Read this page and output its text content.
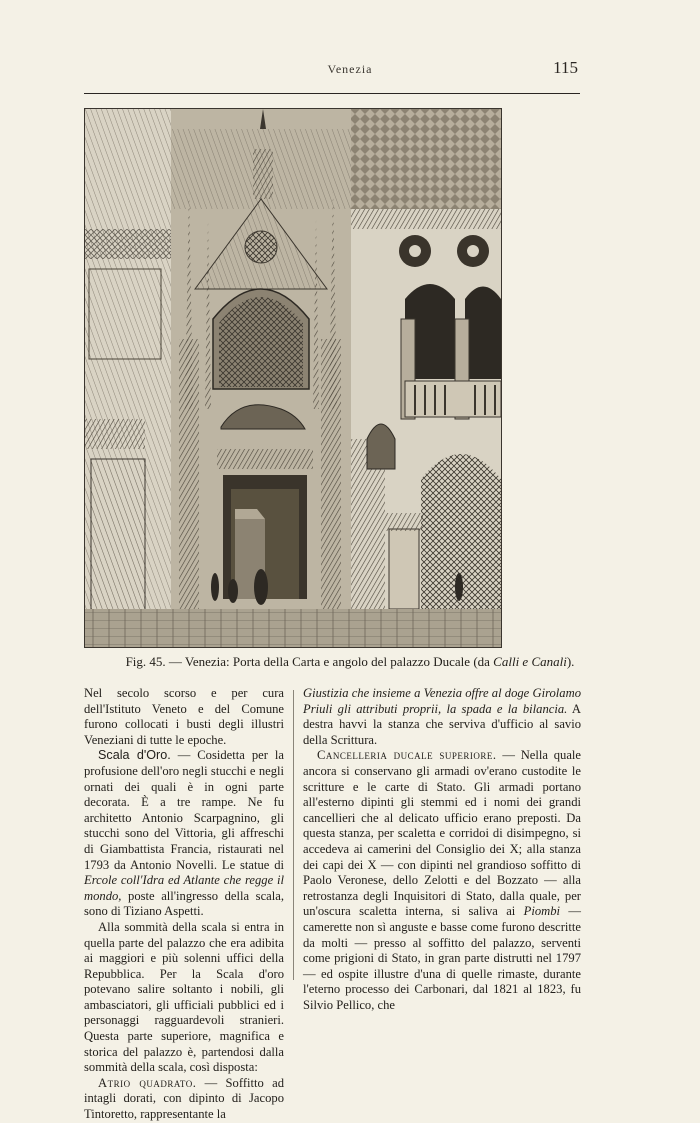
Venezia	115
Fig. 45. — Venezia: Porta della Carta e angolo del palazzo Ducale (da Calli e Canali).

Nel secolo scorso e per cura dell'Istituto Veneto e del Comune furono collocati i busti degli illustri Veneziani di tutte le epoche.

Scala d'Oro. — Cosidetta per la profusione dell'oro negli stucchi e negli ornati dei quali è in ogni parte decorata. È a tre rampe. Ne fu architetto Antonio Scarpagnino, gli stucchi sono del Vittoria, gli affreschi di Giambattista Francia, ristaurati nel 1793 da Antonio Novelli. Le statue di Ercole coll'Idra ed Atlante che regge il mondo, poste all'ingresso della scala, sono di Tiziano Aspetti.

Alla sommità della scala si entra in quella parte del palazzo che era adibita ai maggiori e più solenni uffici della Repubblica. Per la Scala d'oro potevano salire soltanto i nobili, gli ambasciatori, gli ufficiali pubblici ed i personaggi ragguardevoli stranieri. Questa parte superiore, magnifica e storica del palazzo è, partendosi dalla sommità della scala, così disposta:

Atrio quadrato. — Soffitto ad intagli dorati, con dipinto di Jacopo Tintoretto, rappresentante la

Giustizia che insieme a Venezia offre al doge Girolamo Priuli gli attributi proprii, la spada e la bilancia. A destra havvi la stanza che serviva d'ufficio al savio della Scrittura.

Cancelleria ducale superiore. — Nella quale ancora si conservano gli armadi ov'erano custodite le scritture e le carte di Stato. Gli armadi portano all'esterno dipinti gli stemmi ed i nomi dei grandi cancellieri che al delicato ufficio erano preposti. Da questa stanza, per scaletta e corridoi di disimpegno, si accedeva ai camerini del Consiglio dei X; alla stanza dei capi dei X — con dipinti nel grandioso soffitto di Paolo Veronese, dello Zelotti e del Bozzato — alla retrostanza degli Inquisitori di Stato, dalla quale, per un'oscura scaletta interna, si saliva ai Piombi — camerette non sì anguste e basse come furono descritte da molti — presso al soffitto del palazzo, serventi come prigioni di Stato, in gran parte distrutti nel 1797 — ed ospite illustre d'una di quelle rimaste, durante l'eterno processo dei Carbonari, dal 1821 al 1823, fu Silvio Pellico, che
